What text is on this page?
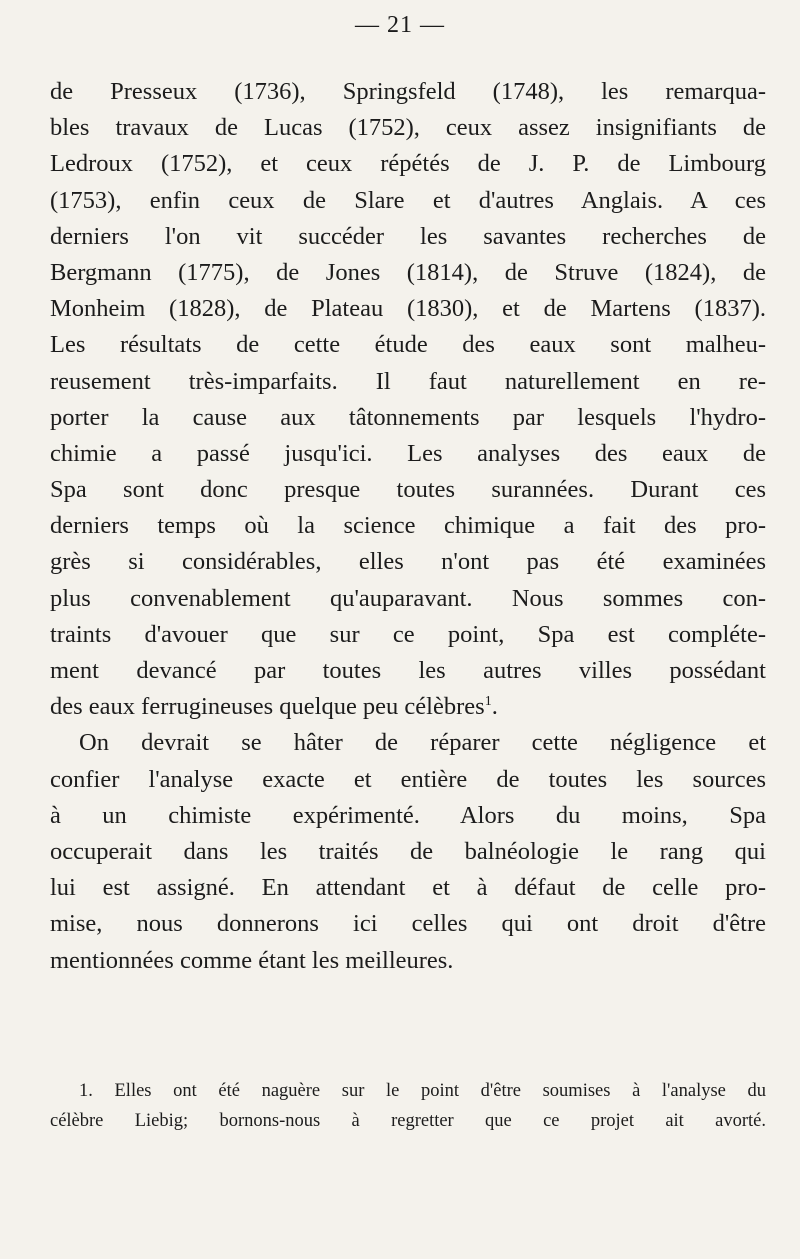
— 21 —
de Presseux (1736), Springsfeld (1748), les remarqua-
bles travaux de Lucas (1752), ceux assez insignifiants de
Ledroux (1752), et ceux répétés de J. P. de Limbourg
(1753), enfin ceux de Slare et d'autres Anglais. A ces
derniers l'on vit succéder les savantes recherches de
Bergmann (1775), de Jones (1814), de Struve (1824), de
Monheim (1828), de Plateau (1830), et de Martens (1837).
Les résultats de cette étude des eaux sont malheu-
reusement très-imparfaits. Il faut naturellement en re-
porter la cause aux tâtonnements par lesquels l'hydro-
chimie a passé jusqu'ici. Les analyses des eaux de
Spa sont donc presque toutes surannées. Durant ces
derniers temps où la science chimique a fait des pro-
grès si considérables, elles n'ont pas été examinées
plus convenablement qu'auparavant. Nous sommes con-
traints d'avouer que sur ce point, Spa est compléte-
ment devancé par toutes les autres villes possédant
des eaux ferrugineuses quelque peu célèbres$^1$.
On devrait se hâter de réparer cette négligence et
confier l'analyse exacte et entière de toutes les sources
à un chimiste expérimenté. Alors du moins, Spa
occuperait dans les traités de balnéologie le rang qui
lui est assigné. En attendant et à défaut de celle pro-
mise, nous donnerons ici celles qui ont droit d'être
mentionnées comme étant les meilleures.
1. Elles ont été naguère sur le point d'être soumises à l'analyse du
célèbre Liebig; bornons-nous à regretter que ce projet ait avorté.
